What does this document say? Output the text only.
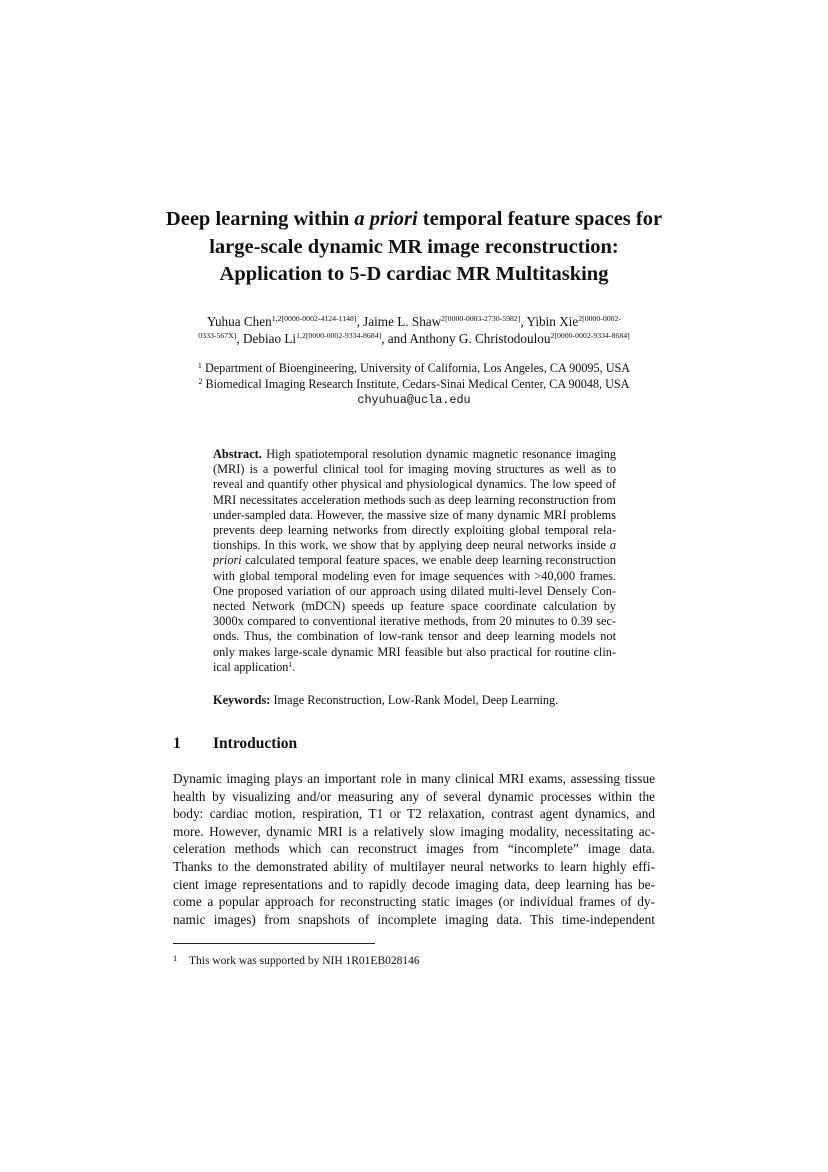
Deep learning within a priori temporal feature spaces for
large-scale dynamic MR image reconstruction:
Application to 5-D cardiac MR Multitasking
Yuhua Chen$^{1,2[0000-0002-4124-1148]}$, Jaime L. Shaw$^{2[0000-0003-2730-5982]}$, Yibin Xie$^{2[0000-0002-}$
$^{0333-567X]}$, Debiao $Li^{1,2[0000-0002-9334-8684]}$, and Anthony G. Christodoulou$^{2[0000-0002-9334-8684]}$
$^1$ Department of Bioengineering, University of California, Los Angeles, CA 90095, USA
$^2$ Biomedical Imaging Research Institute, Cedars-Sinai Medical Center, CA 90048, USA
chyuhua@ucla.edu
Abstract. High spatiotemporal resolution dynamic magnetic resonance imaging
(MRI) is a powerful clinical tool for imaging moving structures as well as to
reveal and quantify other physical and physiological dynamics. The low speed of
MRI necessitates acceleration methods such as deep learning reconstruction from
under-sampled data. However, the massive size of many dynamic MRI problems
prevents deep learning networks from directly exploiting global temporal rela-
tionships. In this work, we show that by applying deep neural networks inside a
priori calculated temporal feature spaces, we enable deep learning reconstruction
with global temporal modeling even for image sequences with >40,000 frames.
One proposed variation of our approach using dilated multi-level Densely Con-
nected Network (mDCN) speeds up feature space coordinate calculation by
3000x compared to conventional iterative methods, from 20 minutes to 0.39 sec-
onds. Thus, the combination of low-rank tensor and deep learning models not
only makes large-scale dynamic MRI feasible but also practical for routine clin-
ical application$^1$.
Keywords: Image Reconstruction, Low-Rank Model, Deep Learning.
1 Introduction
Dynamic imaging plays an important role in many clinical MRI exams, assessing tissue
health by visualizing and/or measuring any of several dynamic processes within the
body: cardiac motion, respiration, T1 or T2 relaxation, contrast agent dynamics, and
more. However, dynamic MRI is a relatively slow imaging modality, necessitating ac-
celeration methods which can reconstruct images from “incomplete” image data.
Thanks to the demonstrated ability of multilayer neural networks to learn highly effi-
cient image representations and to rapidly decode imaging data, deep learning has be-
come a popular approach for reconstructing static images (or individual frames of dy-
namic images) from snapshots of incomplete imaging data. This time-independent
1 This work was supported by NIH 1R01EB028146
